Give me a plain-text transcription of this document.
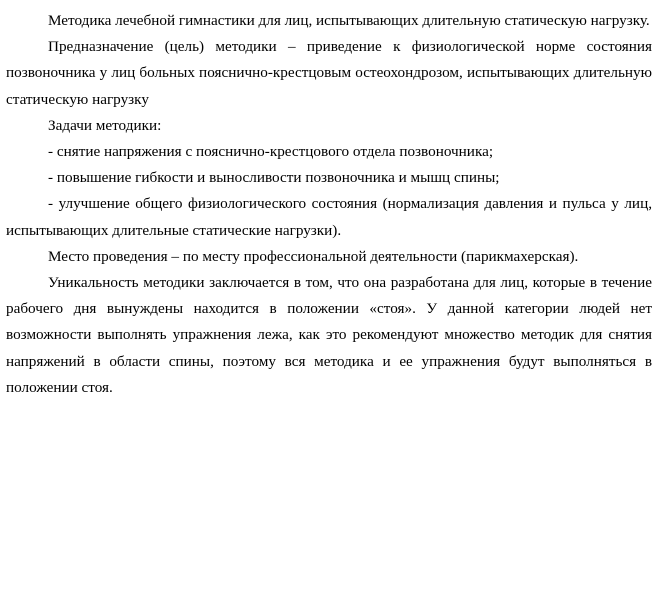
Методика лечебной гимнастики для лиц, испытывающих длительную статическую нагрузку.

Предназначение (цель) методики – приведение к физиологической норме состояния позвоночника у лиц больных пояснично-крестцовым остеохондрозом, испытывающих длительную статическую нагрузку

Задачи методики:

- снятие напряжения с пояснично-крестцового отдела позвоночника;

- повышение гибкости и выносливости позвоночника и мышц спины;

- улучшение общего физиологического состояния (нормализация давления и пульса у лиц, испытывающих длительные статические нагрузки).

Место проведения – по месту профессиональной деятельности (парикмахерская).

Уникальность методики заключается в том, что она разработана для лиц, которые в течение рабочего дня вынуждены находится в положении «стоя». У данной категории людей нет возможности выполнять упражнения лежа, как это рекомендуют множество методик для снятия напряжений в области спины, поэтому вся методика и ее упражнения будут выполняться в положении стоя.
